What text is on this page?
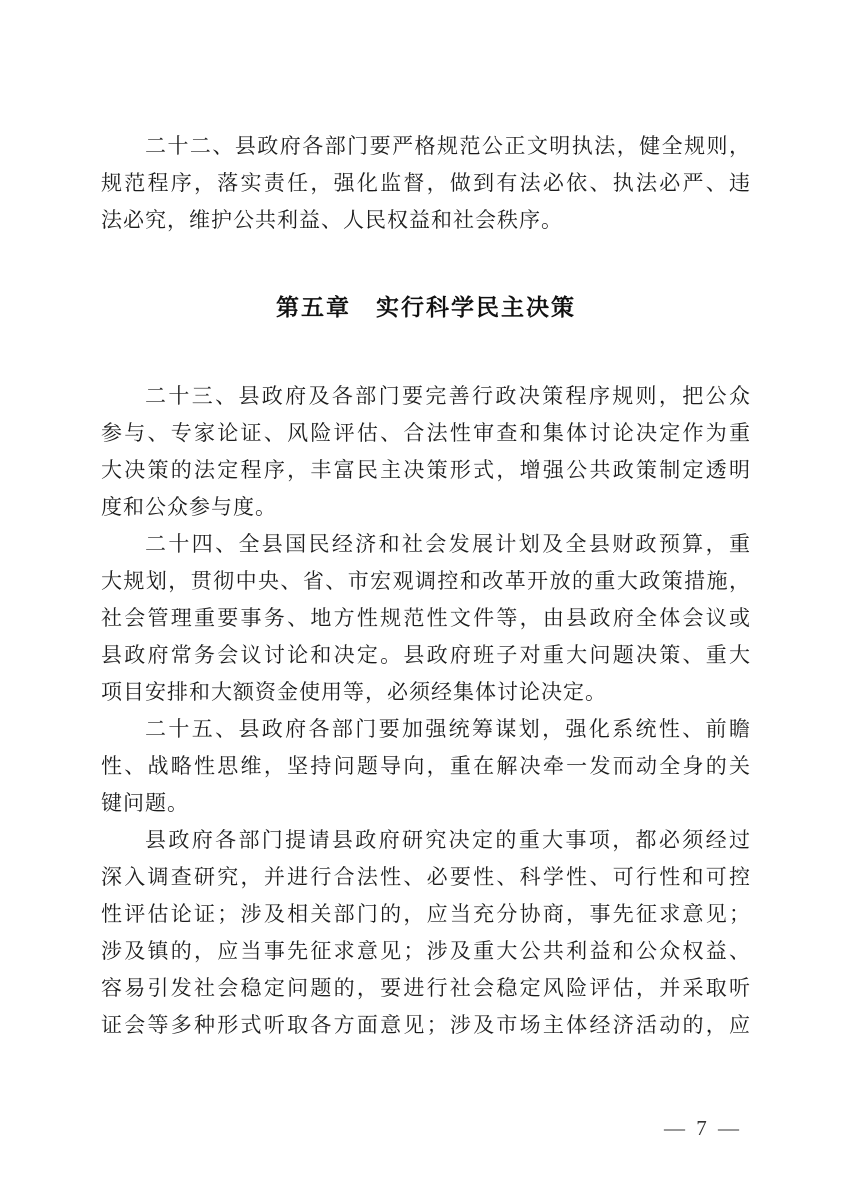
二十二、县政府各部门要严格规范公正文明执法，健全规则，
规范程序，落实责任，强化监督，做到有法必依、执法必严、违
法必究，维护公共利益、人民权益和社会秩序。
第五章　实行科学民主决策
二十三、县政府及各部门要完善行政决策程序规则，把公众
参与、专家论证、风险评估、合法性审查和集体讨论决定作为重
大决策的法定程序，丰富民主决策形式，增强公共政策制定透明
度和公众参与度。
二十四、全县国民经济和社会发展计划及全县财政预算，重
大规划，贯彻中央、省、市宏观调控和改革开放的重大政策措施，
社会管理重要事务、地方性规范性文件等，由县政府全体会议或
县政府常务会议讨论和决定。县政府班子对重大问题决策、重大
项目安排和大额资金使用等，必须经集体讨论决定。
二十五、县政府各部门要加强统筹谋划，强化系统性、前瞻
性、战略性思维，坚持问题导向，重在解决牵一发而动全身的关
键问题。
县政府各部门提请县政府研究决定的重大事项，都必须经过
深入调查研究，并进行合法性、必要性、科学性、可行性和可控
性评估论证；涉及相关部门的，应当充分协商，事先征求意见；
涉及镇的，应当事先征求意见；涉及重大公共利益和公众权益、
容易引发社会稳定问题的，要进行社会稳定风险评估，并采取听
证会等多种形式听取各方面意见；涉及市场主体经济活动的，应
— 7 —
